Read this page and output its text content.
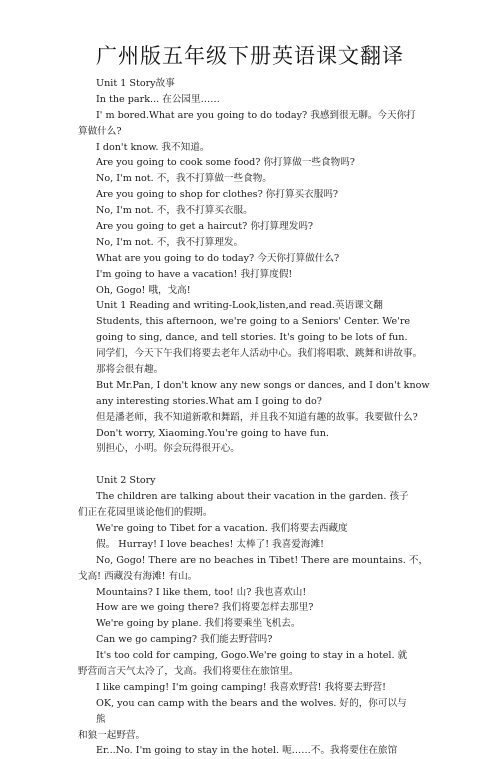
广州版五年级下册英语课文翻译
Unit 1 Story故事
In the park... 在公园里……
I' m bored.What are you going to do today? 我感到很无聊。今天你打
算做什么?
I don't know. 我不知道。
Are you going to cook some food? 你打算做一些食物吗?
No, I'm not. 不，我不打算做一些食物。
Are you going to shop for clothes? 你打算买衣服吗?
No, I'm not. 不，我不打算买衣服。
Are you going to get a haircut? 你打算理发吗?
No, I'm not. 不，我不打算理发。
What are you going to do today? 今天你打算做什么?
I'm going to have a vacation! 我打算度假!
Oh, Gogo! 哦，戈高!
Unit 1 Reading and writing-Look,listen,and read.英语课文翻
Students, this afternoon, we're going to a Seniors' Center. We're
going to sing, dance, and tell stories. It's going to be lots of fun.
同学们，今天下午我们将要去老年人活动中心。我们将唱歌、跳舞和讲故事。
那将会很有趣。
But Mr.Pan, I don't know any new songs or dances, and I don't know
any interesting stories.What am I going to do?
但是潘老师，我不知道新歌和舞蹈，并且我不知道有趣的故事。我要做什么?
Don't worry, Xiaoming.You're going to have fun.
别担心，小明。你会玩得很开心。
Unit 2 Story
The children are talking about their vacation in the garden. 孩子
们正在花园里谈论他们的假期。
We're going to Tibet for a vacation. 我们将要去西藏度
假。 Hurray! I love beaches! 太棒了! 我喜爱海滩!
No, Gogo! There are no beaches in Tibet! There are mountains. 不，
戈高! 西藏没有海滩! 有山。
Mountains? I like them, too! 山? 我也喜欢山!
How are we going there? 我们将要怎样去那里?
We're going by plane. 我们将要乘坐飞机去。
Can we go camping? 我们能去野营吗?
It's too cold for camping, Gogo.We're going to stay in a hotel. 就
野营而言天气太冷了，戈高。我们将要住在旅馆里。
I like camping! I'm going camping! 我喜欢野营! 我将要去野营!
OK, you can camp with the bears and the wolves. 好的，你可以与
熊
和狼一起野营。
Er...No. I'm going to stay in the hotel. 呃……不。我将要住在旅馆
